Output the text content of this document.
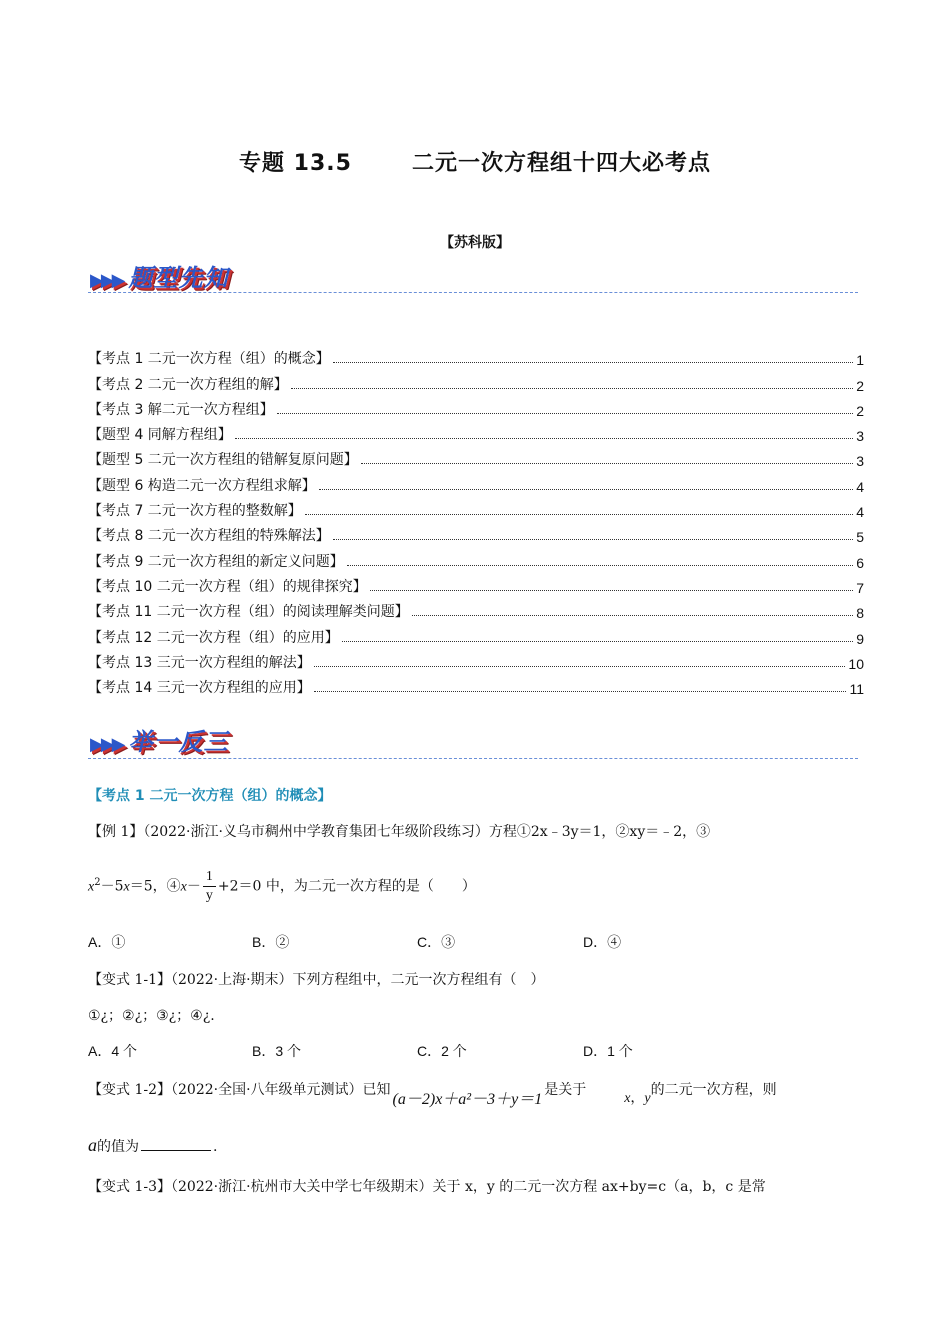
专题 13.5	二元一次方程组十四大必考点
【苏科版】
▶▶▶ 题型先知
【考点 1 二元一次方程（组）的概念】	1
【考点 2 二元一次方程组的解】	2
【考点 3 解二元一次方程组】	2
【题型 4 同解方程组】	3
【题型 5 二元一次方程组的错解复原问题】	3
【题型 6 构造二元一次方程组求解】	4
【考点 7 二元一次方程的整数解】	4
【考点 8 二元一次方程组的特殊解法】	5
【考点 9 二元一次方程组的新定义问题】	6
【考点 10 二元一次方程（组）的规律探究】	7
【考点 11 二元一次方程（组）的阅读理解类问题】	8
【考点 12 二元一次方程（组）的应用】	9
【考点 13 三元一次方程组的解法】	10
【考点 14 三元一次方程组的应用】	11
▶▶▶ 举一反三
【考点 1 二元一次方程（组）的概念】
【例 1】（2022·浙江·义乌市稠州中学教育集团七年级阶段练习）方程①2x﹣3y＝1，②xy＝﹣2，③
$x^2-5x=5$，④x－ $\frac{1}{y} +2=0$ 中，为二元一次方程的是（　　）
A．①	B．②	C．③	D．④
【变式 1-1】（2022·上海·期末）下列方程组中，二元一次方程组有（　）
①¿；②¿；③¿；④¿.
A．4 个	B．3 个	C．2 个	D．1 个
【变式 1-2】（2022·全国·八年级单元测试）已知(a－2)x＋a²－3＋y＝1是关于x，y的二元一次方程，则
a的值为	.
【变式 1-3】（2022·浙江·杭州市大关中学七年级期末）关于 x，y 的二元一次方程 ax+by=c（a，b，c 是常
